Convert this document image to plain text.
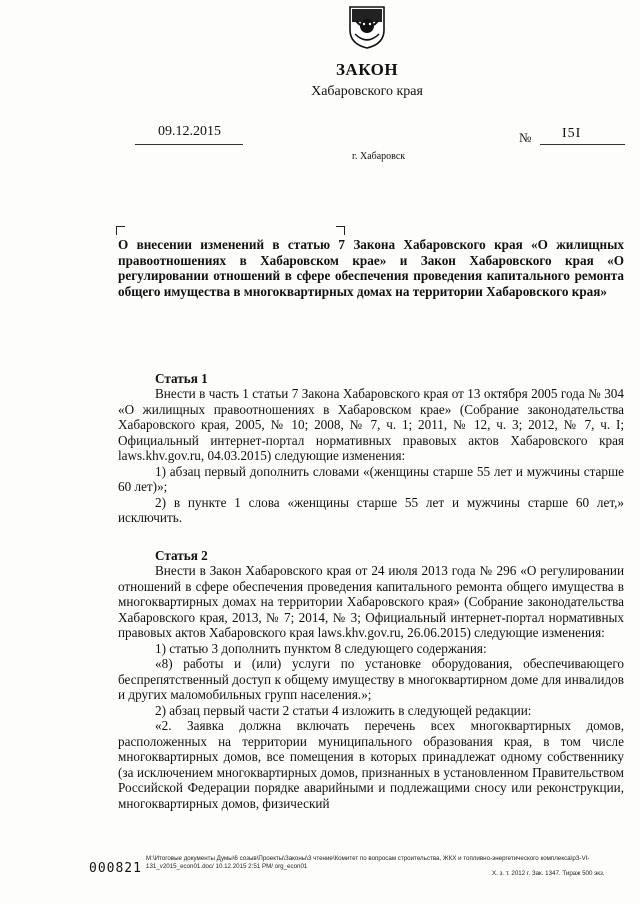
ЗАКОН
Хабаровского края
09.12.2015	№ I5I
г. Хабаровск
О внесении изменений в статью 7 Закона Хабаровского края «О жилищных правоотношениях в Хабаровском крае» и Закон Хабаровского края «О регулировании отношений в сфере обеспечения проведения капитального ремонта общего имущества в многоквартирных домах на территории Хабаровского края»
Статья 1

Внести в часть 1 статьи 7 Закона Хабаровского края от 13 октября 2005 года № 304 «О жилищных правоотношениях в Хабаровском крае» (Собрание законодательства Хабаровского края, 2005, № 10; 2008, № 7, ч. 1; 2011, № 12, ч. 3; 2012, № 7, ч. I; Официальный интернет-портал нормативных правовых актов Хабаровского края laws.khv.gov.ru, 04.03.2015) следующие изменения:

1) абзац первый дополнить словами «(женщины старше 55 лет и мужчины старше 60 лет)»;

2) в пункте 1 слова «женщины старше 55 лет и мужчины старше 60 лет,» исключить.

Статья 2

Внести в Закон Хабаровского края от 24 июля 2013 года № 296 «О регулировании отношений в сфере обеспечения проведения капитального ремонта общего имущества в многоквартирных домах на территории Хабаровского края» (Собрание законодательства Хабаровского края, 2013, № 7; 2014, № 3; Официальный интернет-портал нормативных правовых актов Хабаровского края laws.khv.gov.ru, 26.06.2015) следующие изменения:

1) статью 3 дополнить пунктом 8 следующего содержания:

«8) работы и (или) услуги по установке оборудования, обеспечивающего беспрепятственный доступ к общему имуществу в многоквартирном доме для инвалидов и других маломобильных групп населения.»;

2) абзац первый части 2 статьи 4 изложить в следующей редакции:

«2. Заявка должна включать перечень всех многоквартирных домов, расположенных на территории муниципального образования края, в том числе многоквартирных домов, все помещения в которых принадлежат одному собственнику (за исключением многоквартирных домов, признанных в установленном Правительством Российской Федерации порядке аварийными и подлежащими сносу или реконструкции, многоквартирных домов, физический

000821
M:\Итоговые документы Думы\6 созыв\Проекты\Законы\3 чтение\Комитет по вопросам строительства, ЖКХ и топливно-энергетического комплекса\рЗ-VI-131_v2015_econ01.doc/ 10.12.2015 2:51 PM/ org_econ01
Х. з. т. 2012 г. Зак. 1347. Тираж 500 экз.
